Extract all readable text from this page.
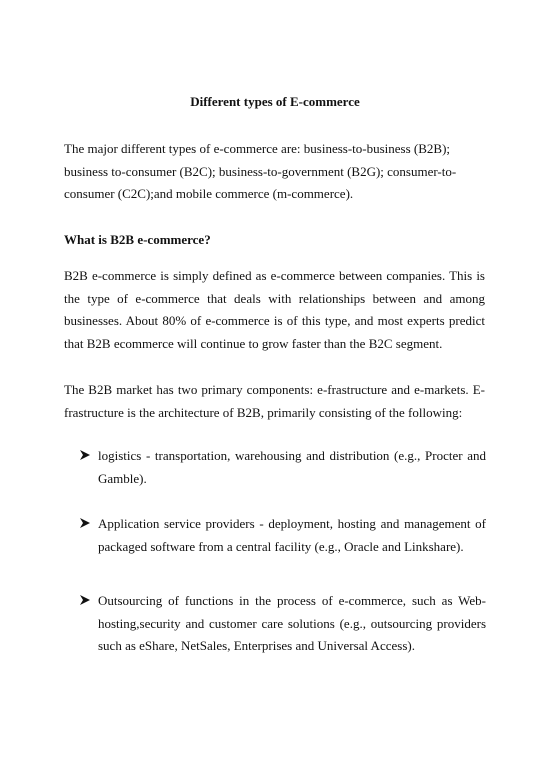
Different types of E-commerce
The major different types of e-commerce are: business-to-business (B2B); business to-consumer (B2C); business-to-government (B2G); consumer-to-consumer (C2C);and mobile commerce (m-commerce).
What is B2B e-commerce?
B2B e-commerce is simply defined as e-commerce between companies. This is the type of e-commerce that deals with relationships between and among businesses. About 80% of e-commerce is of this type, and most experts predict that B2B ecommerce will continue to grow faster than the B2C segment.
The B2B market has two primary components: e-frastructure and e-markets. E-frastructure is the architecture of B2B, primarily consisting of the following:
logistics - transportation, warehousing and distribution (e.g., Procter and Gamble).
Application service providers - deployment, hosting and management of packaged software from a central facility (e.g., Oracle and Linkshare).
Outsourcing of functions in the process of e-commerce, such as Web-hosting,security and customer care solutions (e.g., outsourcing providers such as eShare, NetSales, Enterprises and Universal Access).
